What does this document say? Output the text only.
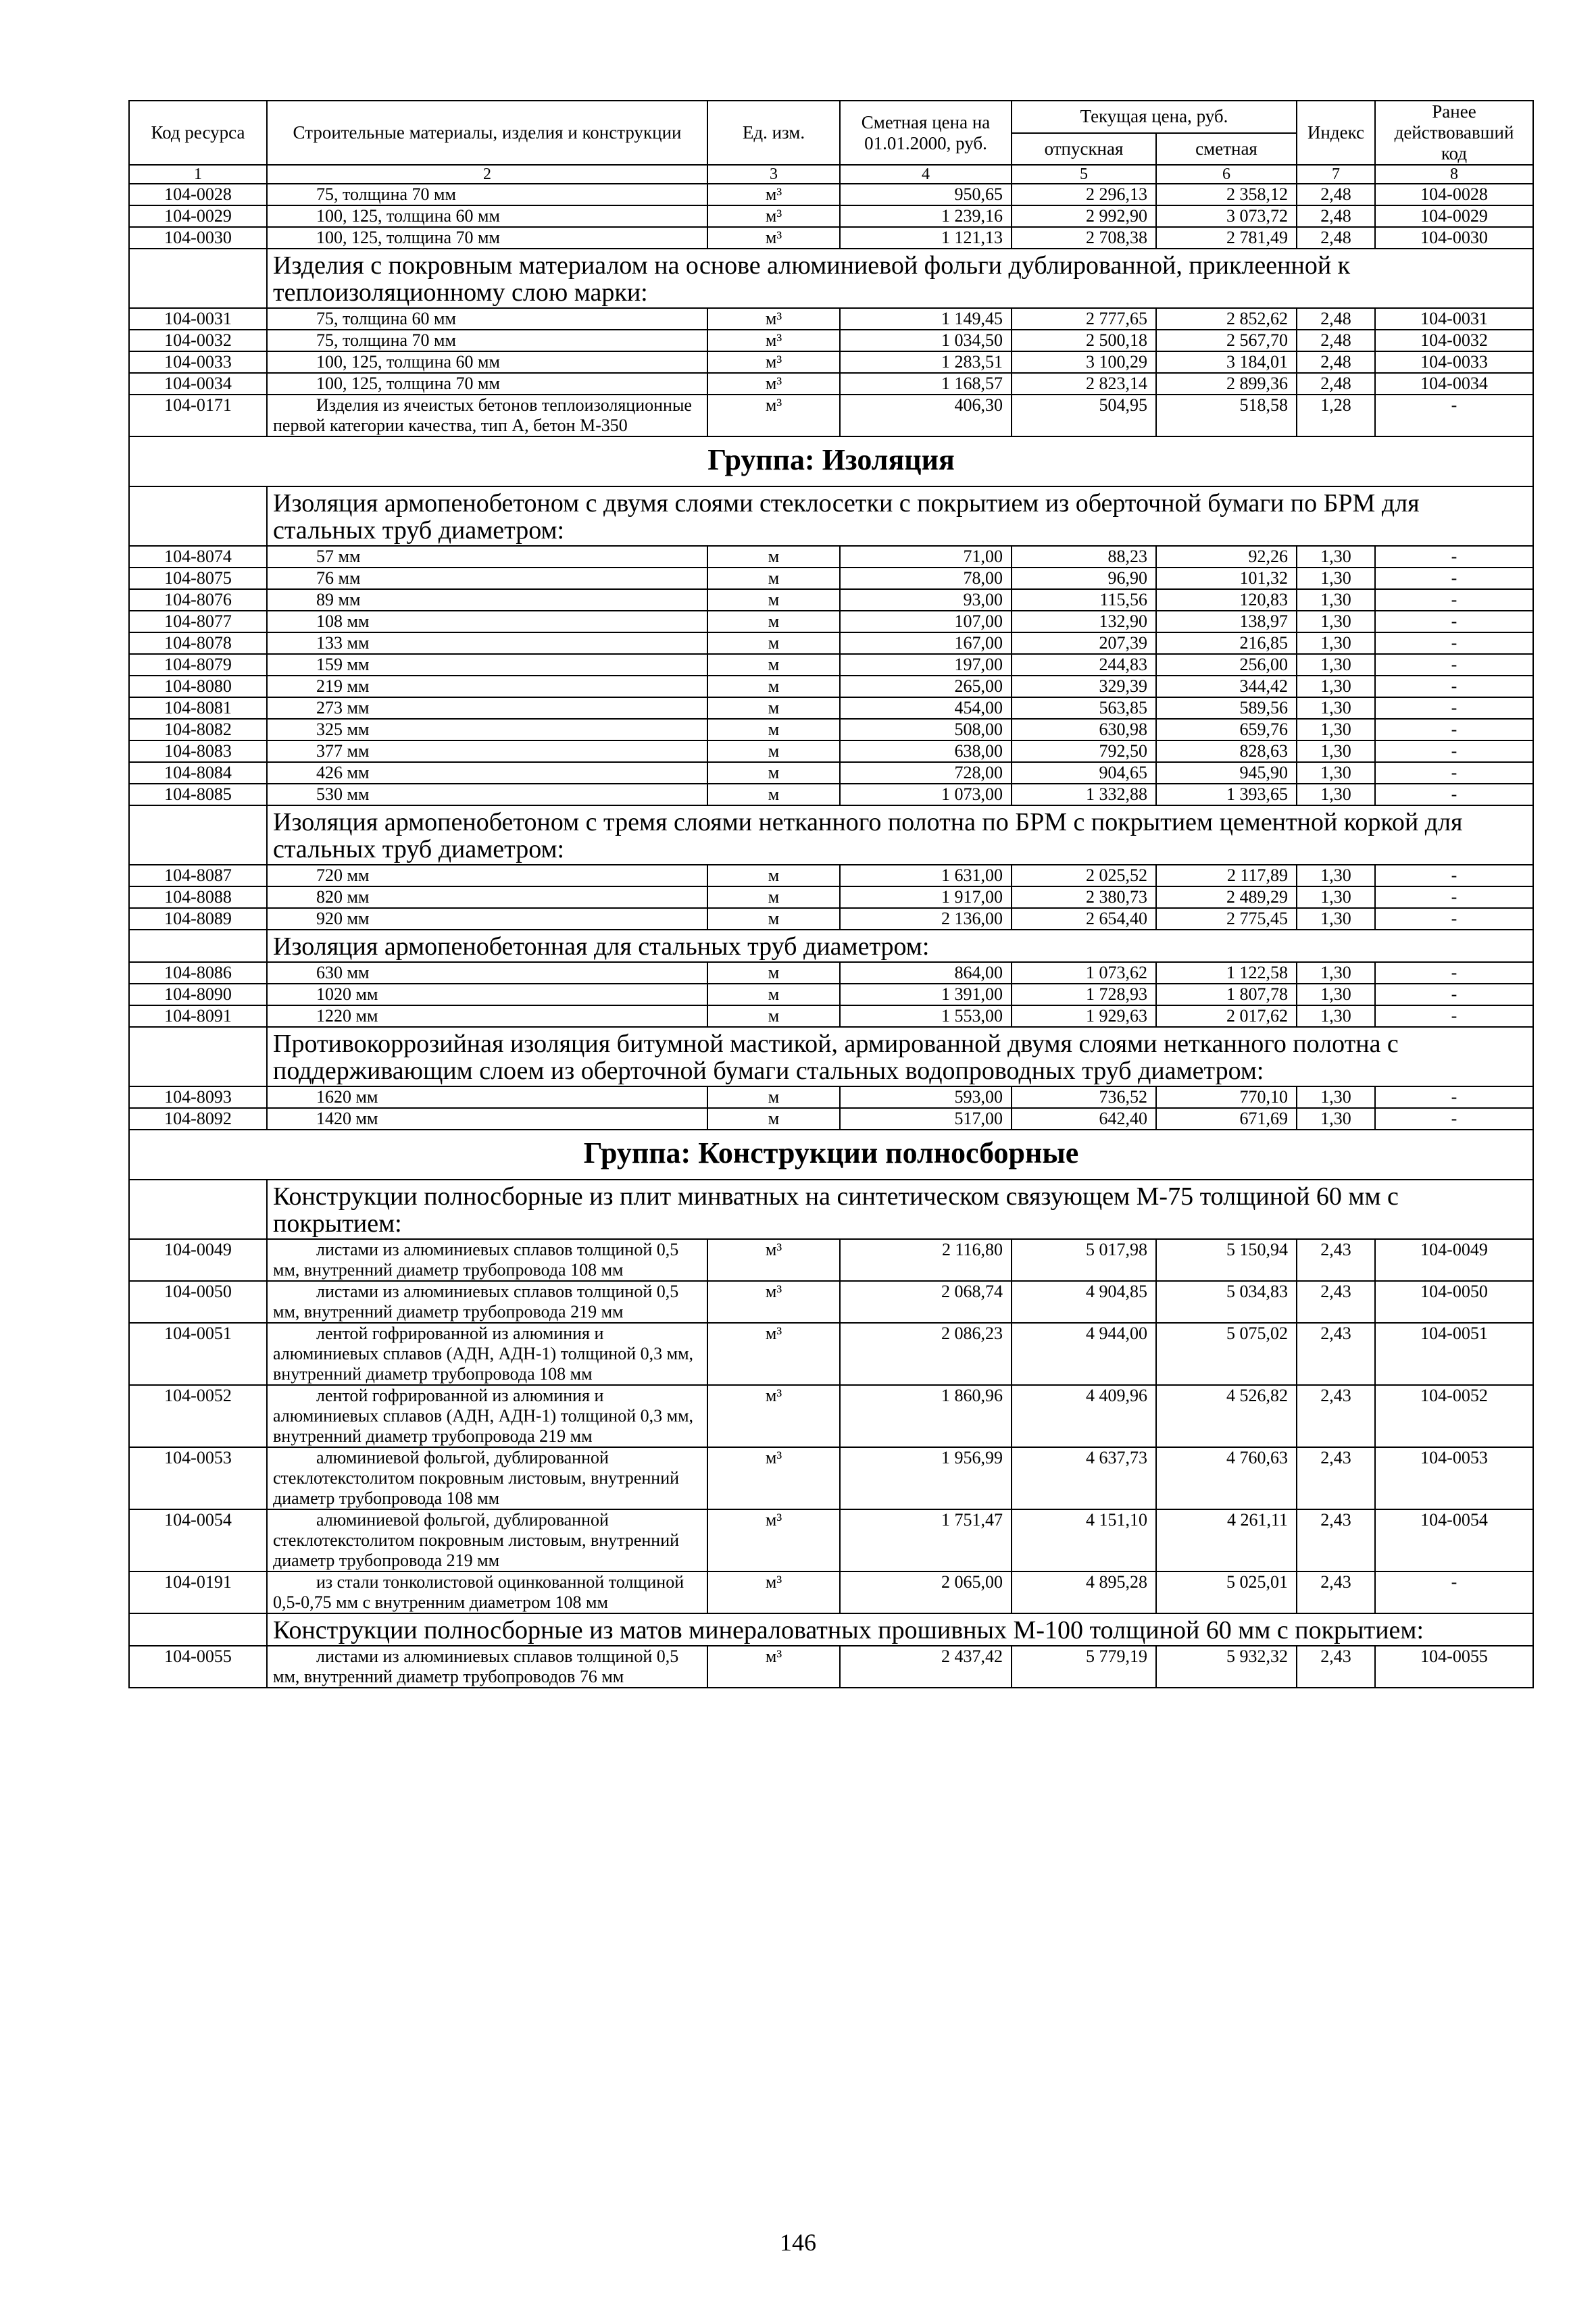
Код ресурса	Строительные материалы, изделия и конструкции	Ед. изм.	Сметная цена на 01.01.2000, руб.	Текущая цена, руб.		Индекс	Ранее действовавший код
				отпускная	сметная		
1	2	3	4	5	6	7	8
104-0028	75, толщина 70 мм	м³	950,65	2 296,13	2 358,12	2,48	104-0028
104-0029	100, 125, толщина 60 мм	м³	1 239,16	2 992,90	3 073,72	2,48	104-0029
104-0030	100, 125, толщина 70 мм	м³	1 121,13	2 708,38	2 781,49	2,48	104-0030
	Изделия с покровным материалом на основе алюминиевой фольги дублированной, приклеенной к теплоизоляционному слою марки:						
104-0031	75, толщина 60 мм	м³	1 149,45	2 777,65	2 852,62	2,48	104-0031
104-0032	75, толщина 70 мм	м³	1 034,50	2 500,18	2 567,70	2,48	104-0032
104-0033	100, 125, толщина 60 мм	м³	1 283,51	3 100,29	3 184,01	2,48	104-0033
104-0034	100, 125, толщина 70 мм	м³	1 168,57	2 823,14	2 899,36	2,48	104-0034
104-0171	Изделия из ячеистых бетонов теплоизоляционные первой категории качества, тип А, бетон М-350	м³	406,30	504,95	518,58	1,28	-
Группа: Изоляция							
	Изоляция армопенобетоном с двумя слоями стеклосетки с покрытием из оберточной бумаги по БРМ для стальных труб диаметром:						
104-8074	57 мм	м	71,00	88,23	92,26	1,30	-
104-8075	76 мм	м	78,00	96,90	101,32	1,30	-
104-8076	89 мм	м	93,00	115,56	120,83	1,30	-
104-8077	108 мм	м	107,00	132,90	138,97	1,30	-
104-8078	133 мм	м	167,00	207,39	216,85	1,30	-
104-8079	159 мм	м	197,00	244,83	256,00	1,30	-
104-8080	219 мм	м	265,00	329,39	344,42	1,30	-
104-8081	273 мм	м	454,00	563,85	589,56	1,30	-
104-8082	325 мм	м	508,00	630,98	659,76	1,30	-
104-8083	377 мм	м	638,00	792,50	828,63	1,30	-
104-8084	426 мм	м	728,00	904,65	945,90	1,30	-
104-8085	530 мм	м	1 073,00	1 332,88	1 393,65	1,30	-
	Изоляция армопенобетоном с тремя слоями нетканного полотна по БРМ с покрытием цементной коркой для стальных труб диаметром:						
104-8087	720 мм	м	1 631,00	2 025,52	2 117,89	1,30	-
104-8088	820 мм	м	1 917,00	2 380,73	2 489,29	1,30	-
104-8089	920 мм	м	2 136,00	2 654,40	2 775,45	1,30	-
	Изоляция армопенобетонная для стальных труб диаметром:						
104-8086	630 мм	м	864,00	1 073,62	1 122,58	1,30	-
104-8090	1020 мм	м	1 391,00	1 728,93	1 807,78	1,30	-
104-8091	1220 мм	м	1 553,00	1 929,63	2 017,62	1,30	-
	Противокоррозийная изоляция битумной мастикой, армированной двумя слоями нетканного полотна с поддерживающим слоем из оберточной бумаги стальных водопроводных труб диаметром:						
104-8093	1620 мм	м	593,00	736,52	770,10	1,30	-
104-8092	1420 мм	м	517,00	642,40	671,69	1,30	-
Группа: Конструкции полносборные							
	Конструкции полносборные из плит минватных на синтетическом связующем М-75 толщиной 60 мм с покрытием:						
104-0049	листами из алюминиевых сплавов толщиной 0,5 мм, внутренний диаметр трубопровода 108 мм	м³	2 116,80	5 017,98	5 150,94	2,43	104-0049
104-0050	листами из алюминиевых сплавов толщиной 0,5 мм, внутренний диаметр трубопровода 219 мм	м³	2 068,74	4 904,85	5 034,83	2,43	104-0050
104-0051	лентой гофрированной из алюминия и алюминиевых сплавов (АДН, АДН-1) толщиной 0,3 мм, внутренний диаметр трубопровода 108 мм	м³	2 086,23	4 944,00	5 075,02	2,43	104-0051
104-0052	лентой гофрированной из алюминия и алюминиевых сплавов (АДН, АДН-1) толщиной 0,3 мм, внутренний диаметр трубопровода 219 мм	м³	1 860,96	4 409,96	4 526,82	2,43	104-0052
104-0053	алюминиевой фольгой, дублированной стеклотекстолитом покровным листовым, внутренний диаметр трубопровода 108 мм	м³	1 956,99	4 637,73	4 760,63	2,43	104-0053
104-0054	алюминиевой фольгой, дублированной стеклотекстолитом покровным листовым, внутренний диаметр трубопровода 219 мм	м³	1 751,47	4 151,10	4 261,11	2,43	104-0054
104-0191	из стали тонколистовой оцинкованной толщиной 0,5-0,75 мм с внутренним диаметром 108 мм	м³	2 065,00	4 895,28	5 025,01	2,43	-
	Конструкции полносборные из матов минераловатных прошивных М-100 толщиной 60 мм с покрытием:						
104-0055	листами из алюминиевых сплавов толщиной 0,5 мм, внутренний диаметр трубопроводов 76 мм	м³	2 437,42	5 779,19	5 932,32	2,43	104-0055
146
